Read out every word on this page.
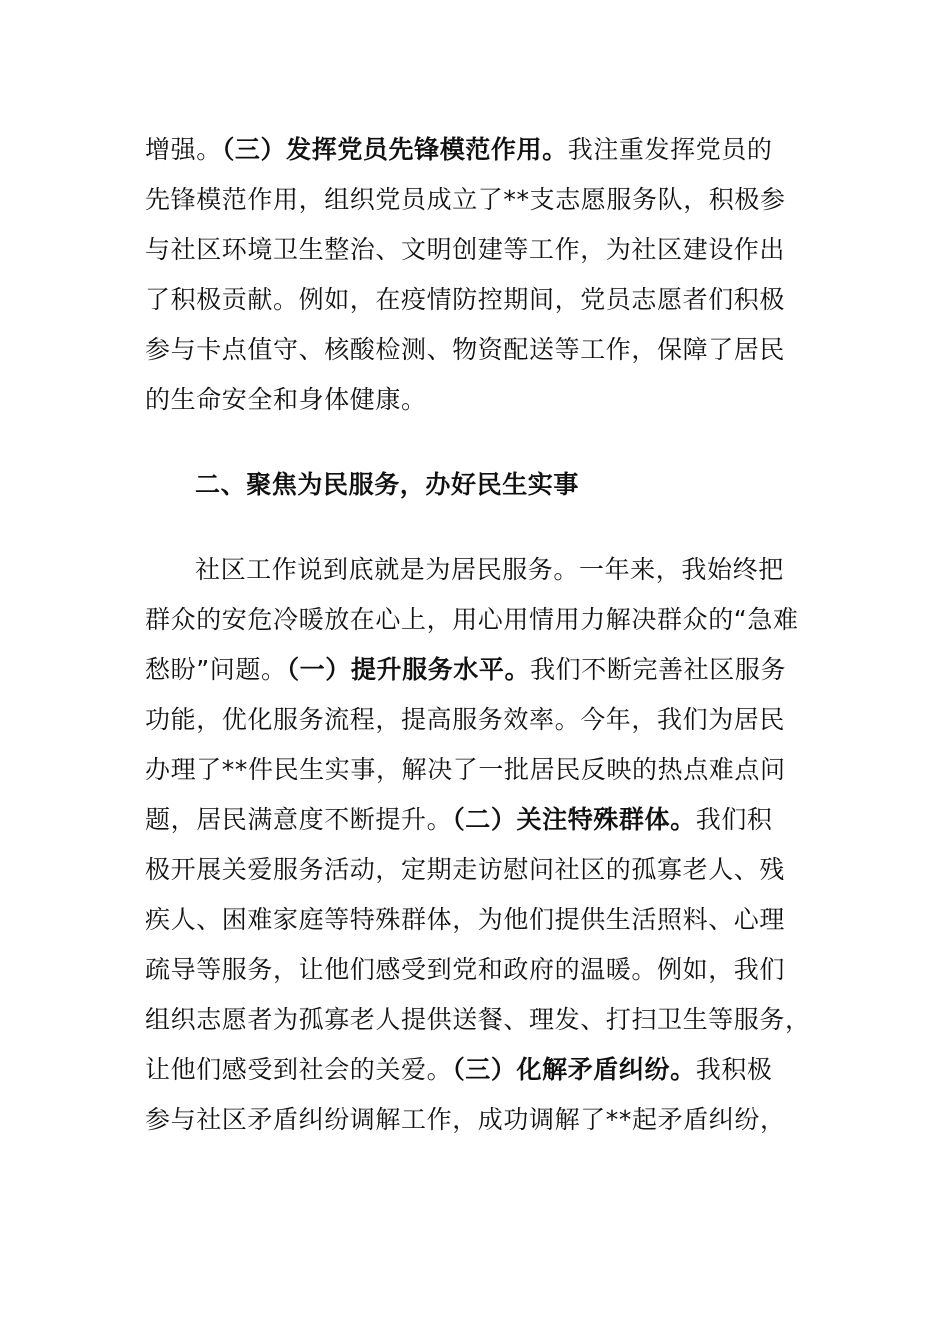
增强。（三）发挥党员先锋模范作用。我注重发挥党员的
先锋模范作用，组织党员成立了**支志愿服务队，积极参
与社区环境卫生整治、文明创建等工作，为社区建设作出
了积极贡献。例如，在疫情防控期间，党员志愿者们积极
参与卡点值守、核酸检测、物资配送等工作，保障了居民
的生命安全和身体健康。
二、聚焦为民服务，办好民生实事
社区工作说到底就是为居民服务。一年来，我始终把
群众的安危冷暖放在心上，用心用情用力解决群众的“急难
愁盼”问题。（一）提升服务水平。我们不断完善社区服务
功能，优化服务流程，提高服务效率。今年，我们为居民
办理了**件民生实事，解决了一批居民反映的热点难点问
题，居民满意度不断提升。（二）关注特殊群体。我们积
极开展关爱服务活动，定期走访慰问社区的孤寡老人、残
疾人、困难家庭等特殊群体，为他们提供生活照料、心理
疏导等服务，让他们感受到党和政府的温暖。例如，我们
组织志愿者为孤寡老人提供送餐、理发、打扫卫生等服务，
让他们感受到社会的关爱。（三）化解矛盾纠纷。我积极
参与社区矛盾纠纷调解工作，成功调解了**起矛盾纠纷，
